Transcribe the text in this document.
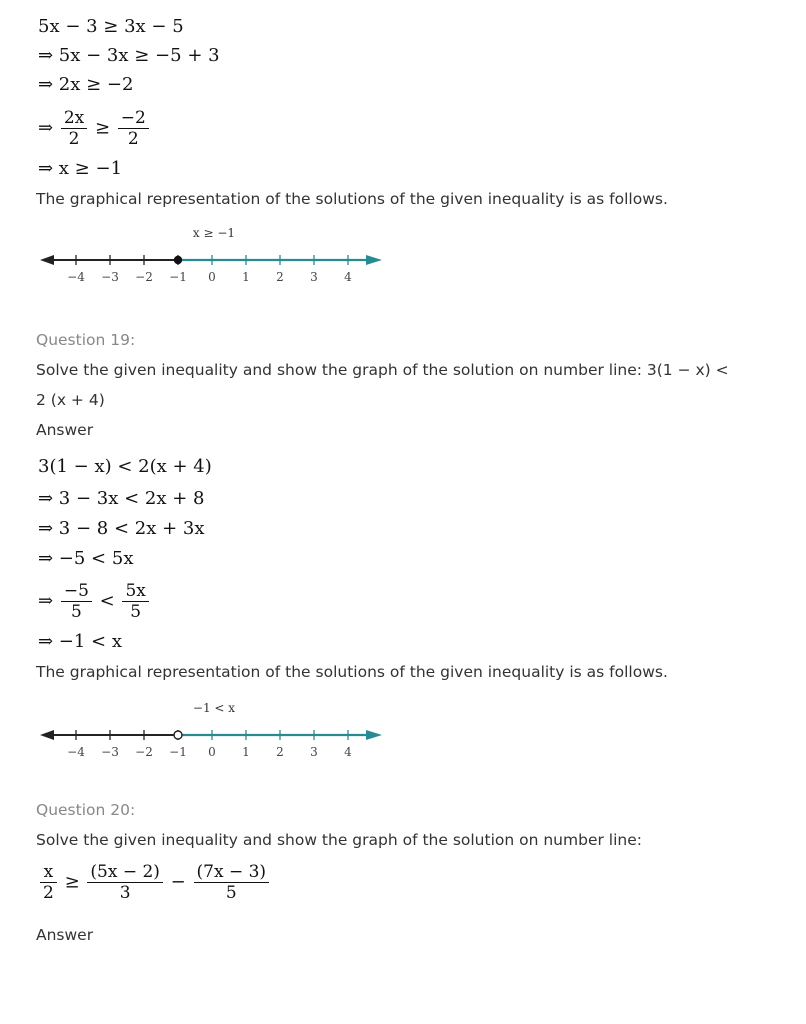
5x − 3 ≥ 3x − 5
⇒ 5x − 3x ≥ −5 + 3
⇒ 2x ≥ −2
⇒ $\frac{2x}{2} \ge \frac{-2}{2}$
⇒ x ≥ −1
The graphical representation of the solutions of the given inequality is as follows.
−4 −3 −2 −1 0 1 2 3 4
x ≥ −1
Question 19:
Solve the given inequality and show the graph of the solution on number line: 3(1 − x) <
2 (x + 4)
Answer
3(1 − x) < 2(x + 4)
⇒ 3 − 3x < 2x + 8
⇒ 3 − 8 < 2x + 3x
⇒ −5 < 5x
⇒ $\frac{-5}{5} < \frac{5x}{5}$
⇒ −1 < x
The graphical representation of the solutions of the given inequality is as follows.
−4 −3 −2 −1 0 1 2 3 4
−1 < x
Question 20:
Solve the given inequality and show the graph of the solution on number line:
$\frac{x}{2} \ge \frac{(5x - 2)}{3} - \frac{(7x - 3)}{5}$
Answer
